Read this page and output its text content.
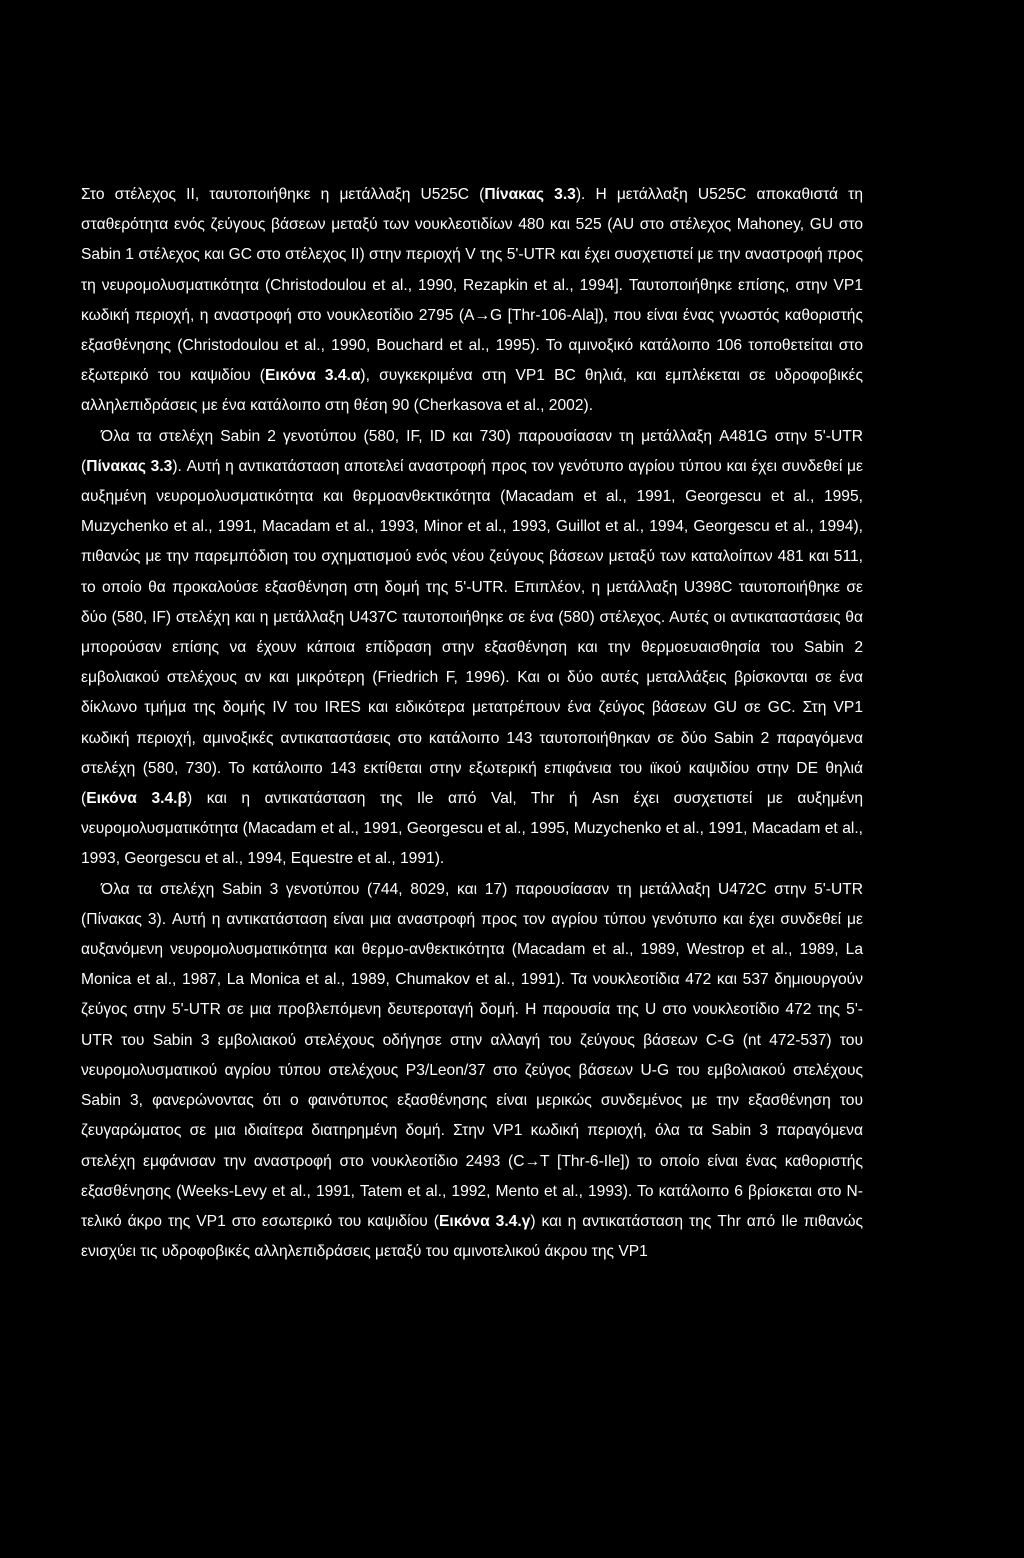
Στο στέλεχος II, ταυτοποιήθηκε η μετάλλαξη U525C (Πίνακας 3.3). Η μετάλλαξη U525C αποκαθιστά τη σταθερότητα ενός ζεύγους βάσεων μεταξύ των νουκλεοτιδίων 480 και 525 (AU στο στέλεχος Mahoney, GU στο Sabin 1 στέλεχος και GC στο στέλεχος II) στην περιοχή V της 5'-UTR και έχει συσχετιστεί με την αναστροφή προς τη νευρομολυσματικότητα (Christodoulou et al., 1990, Rezapkin et al., 1994]. Ταυτοποιήθηκε επίσης, στην VP1 κωδική περιοχή, η αναστροφή στο νουκλεοτίδιο 2795 (A→G [Thr-106-Ala]), που είναι ένας γνωστός καθοριστής εξασθένησης (Christodoulou et al., 1990, Bouchard et al., 1995). Το αμινοξικό κατάλοιπο 106 τοποθετείται στο εξωτερικό του καψιδίου (Εικόνα 3.4.α), συγκεκριμένα στη VP1 BC θηλιά, και εμπλέκεται σε υδροφοβικές αλληλεπιδράσεις με ένα κατάλοιπο στη θέση 90 (Cherkasova et al., 2002).

Όλα τα στελέχη Sabin 2 γενοτύπου (580, IF, ID και 730) παρουσίασαν τη μετάλλαξη A481G στην 5'-UTR (Πίνακας 3.3). Αυτή η αντικατάσταση αποτελεί αναστροφή προς τον γενότυπο αγρίου τύπου και έχει συνδεθεί με αυξημένη νευρομολυσματικότητα και θερμοανθεκτικότητα (Macadam et al., 1991, Georgescu et al., 1995, Muzychenko et al., 1991, Macadam et al., 1993, Minor et al., 1993, Guillot et al., 1994, Georgescu et al., 1994), πιθανώς με την παρεμπόδιση του σχηματισμού ενός νέου ζεύγους βάσεων μεταξύ των καταλοίπων 481 και 511, το οποίο θα προκαλούσε εξασθένηση στη δομή της 5'-UTR. Επιπλέον, η μετάλλαξη U398C ταυτοποιήθηκε σε δύο (580, IF) στελέχη και η μετάλλαξη U437C ταυτοποιήθηκε σε ένα (580) στέλεχος. Αυτές οι αντικαταστάσεις θα μπορούσαν επίσης να έχουν κάποια επίδραση στην εξασθένηση και την θερμοευαισθησία του Sabin 2 εμβολιακού στελέχους αν και μικρότερη (Friedrich F, 1996). Και οι δύο αυτές μεταλλάξεις βρίσκονται σε ένα δίκλωνο τμήμα της δομής IV του IRES και ειδικότερα μετατρέπουν ένα ζεύγος βάσεων GU σε GC. Στη VP1 κωδική περιοχή, αμινοξικές αντικαταστάσεις στο κατάλοιπο 143 ταυτοποιήθηκαν σε δύο Sabin 2 παραγόμενα στελέχη (580, 730). Το κατάλοιπο 143 εκτίθεται στην εξωτερική επιφάνεια του ιϊκού καψιδίου στην DE θηλιά (Εικόνα 3.4.β) και η αντικατάσταση της Ile από Val, Thr ή Asn έχει συσχετιστεί με αυξημένη νευρομολυσματικότητα (Macadam et al., 1991, Georgescu et al., 1995, Muzychenko et al., 1991, Macadam et al., 1993, Georgescu et al., 1994, Equestre et al., 1991).

Όλα τα στελέχη Sabin 3 γενοτύπου (744, 8029, και 17) παρουσίασαν τη μετάλλαξη U472C στην 5'-UTR (Πίνακας 3). Αυτή η αντικατάσταση είναι μια αναστροφή προς τον αγρίου τύπου γενότυπο και έχει συνδεθεί με αυξανόμενη νευρομολυσματικότητα και θερμο-ανθεκτικότητα (Macadam et al., 1989, Westrop et al., 1989, La Monica et al., 1987, La Monica et al., 1989, Chumakov et al., 1991). Τα νουκλεοτίδια 472 και 537 δημιουργούν ζεύγος στην 5'-UTR σε μια προβλεπόμενη δευτεροταγή δομή. Η παρουσία της U στο νουκλεοτίδιο 472 της 5'-UTR του Sabin 3 εμβολιακού στελέχους οδήγησε στην αλλαγή του ζεύγους βάσεων C-G (nt 472-537) του νευρομολυσματικού αγρίου τύπου στελέχους P3/Leon/37 στο ζεύγος βάσεων U-G του εμβολιακού στελέχους Sabin 3, φανερώνοντας ότι ο φαινότυπος εξασθένησης είναι μερικώς συνδεμένος με την εξασθένηση του ζευγαρώματος σε μια ιδιαίτερα διατηρημένη δομή. Στην VP1 κωδική περιοχή, όλα τα Sabin 3 παραγόμενα στελέχη εμφάνισαν την αναστροφή στο νουκλεοτίδιο 2493 (C→T [Thr-6-Ile]) το οποίο είναι ένας καθοριστής εξασθένησης (Weeks-Levy et al., 1991, Tatem et al., 1992, Mento et al., 1993). Το κατάλοιπο 6 βρίσκεται στο N-τελικό άκρο της VP1 στο εσωτερικό του καψιδίου (Εικόνα 3.4.γ) και η αντικατάσταση της Thr από Ile πιθανώς ενισχύει τις υδροφοβικές αλληλεπιδράσεις μεταξύ του αμινοτελικού άκρου της VP1
